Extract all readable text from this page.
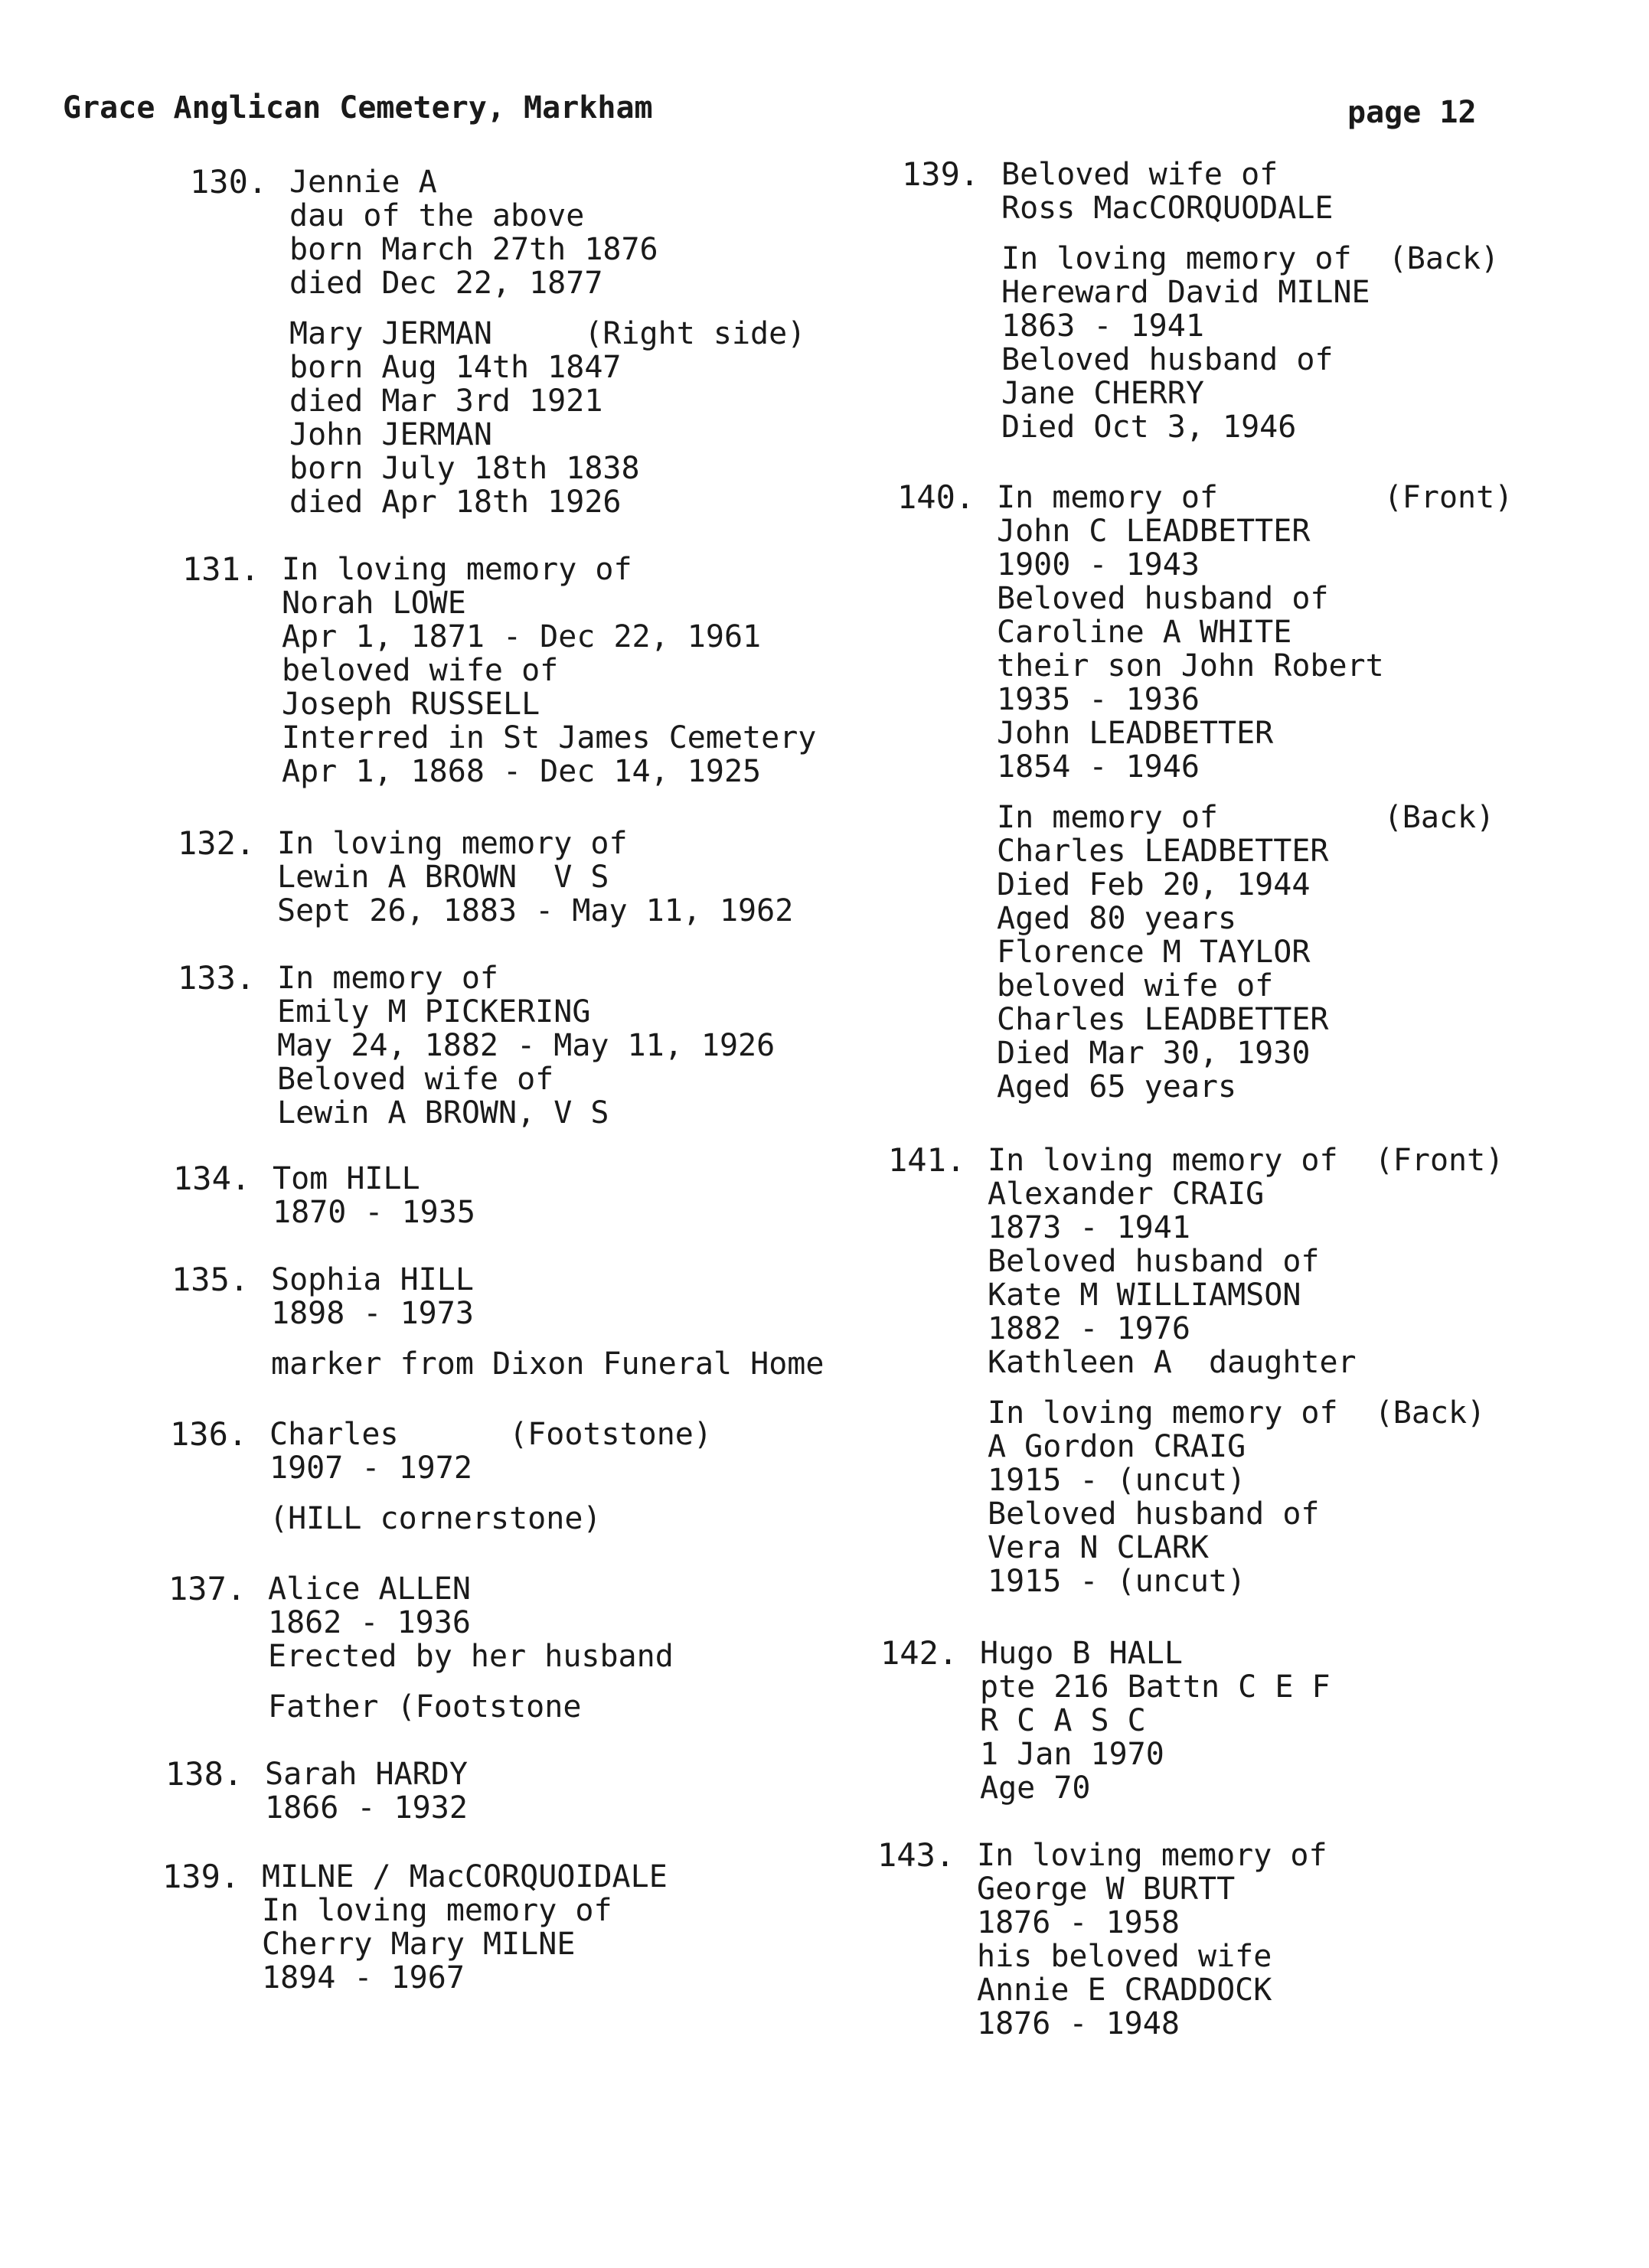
Grace Anglican Cemetery, Markham	page 12
130. Jennie A
dau of the above
born March 27th 1876
died Dec 22, 1877
Mary JERMAN     (Right side)
born Aug 14th 1847
died Mar 3rd 1921
John JERMAN
born July 18th 1838
died Apr 18th 1926
131. In loving memory of
Norah LOWE
Apr 1, 1871 - Dec 22, 1961
beloved wife of
Joseph RUSSELL
Interred in St James Cemetery
Apr 1, 1868 - Dec 14, 1925
132. In loving memory of
Lewin A BROWN  V S
Sept 26, 1883 - May 11, 1962
133. In memory of
Emily M PICKERING
May 24, 1882 - May 11, 1926
Beloved wife of
Lewin A BROWN, V S
134. Tom HILL
1870 - 1935
135. Sophia HILL
1898 - 1973
marker from Dixon Funeral Home
136. Charles      (Footstone)
1907 - 1972
(HILL cornerstone)
137. Alice ALLEN
1862 - 1936
Erected by her husband
Father (Footstone
138. Sarah HARDY
1866 - 1932
139. MILNE / MacCORQUOIDALE
In loving memory of
Cherry Mary MILNE
1894 - 1967
139. Beloved wife of
Ross MacCORQUODALE
In loving memory of  (Back)
Hereward David MILNE
1863 - 1941
Beloved husband of
Jane CHERRY
Died Oct 3, 1946
140. In memory of         (Front)
John C LEADBETTER
1900 - 1943
Beloved husband of
Caroline A WHITE
their son John Robert
1935 - 1936
John LEADBETTER
1854 - 1946
In memory of         (Back)
Charles LEADBETTER
Died Feb 20, 1944
Aged 80 years
Florence M TAYLOR
beloved wife of
Charles LEADBETTER
Died Mar 30, 1930
Aged 65 years
141. In loving memory of  (Front)
Alexander CRAIG
1873 - 1941
Beloved husband of
Kate M WILLIAMSON
1882 - 1976
Kathleen A  daughter
In loving memory of  (Back)
A Gordon CRAIG
1915 - (uncut)
Beloved husband of
Vera N CLARK
1915 - (uncut)
142. Hugo B HALL
pte 216 Battn C E F
R C A S C
1 Jan 1970
Age 70
143. In loving memory of
George W BURTT
1876 - 1958
his beloved wife
Annie E CRADDOCK
1876 - 1948
